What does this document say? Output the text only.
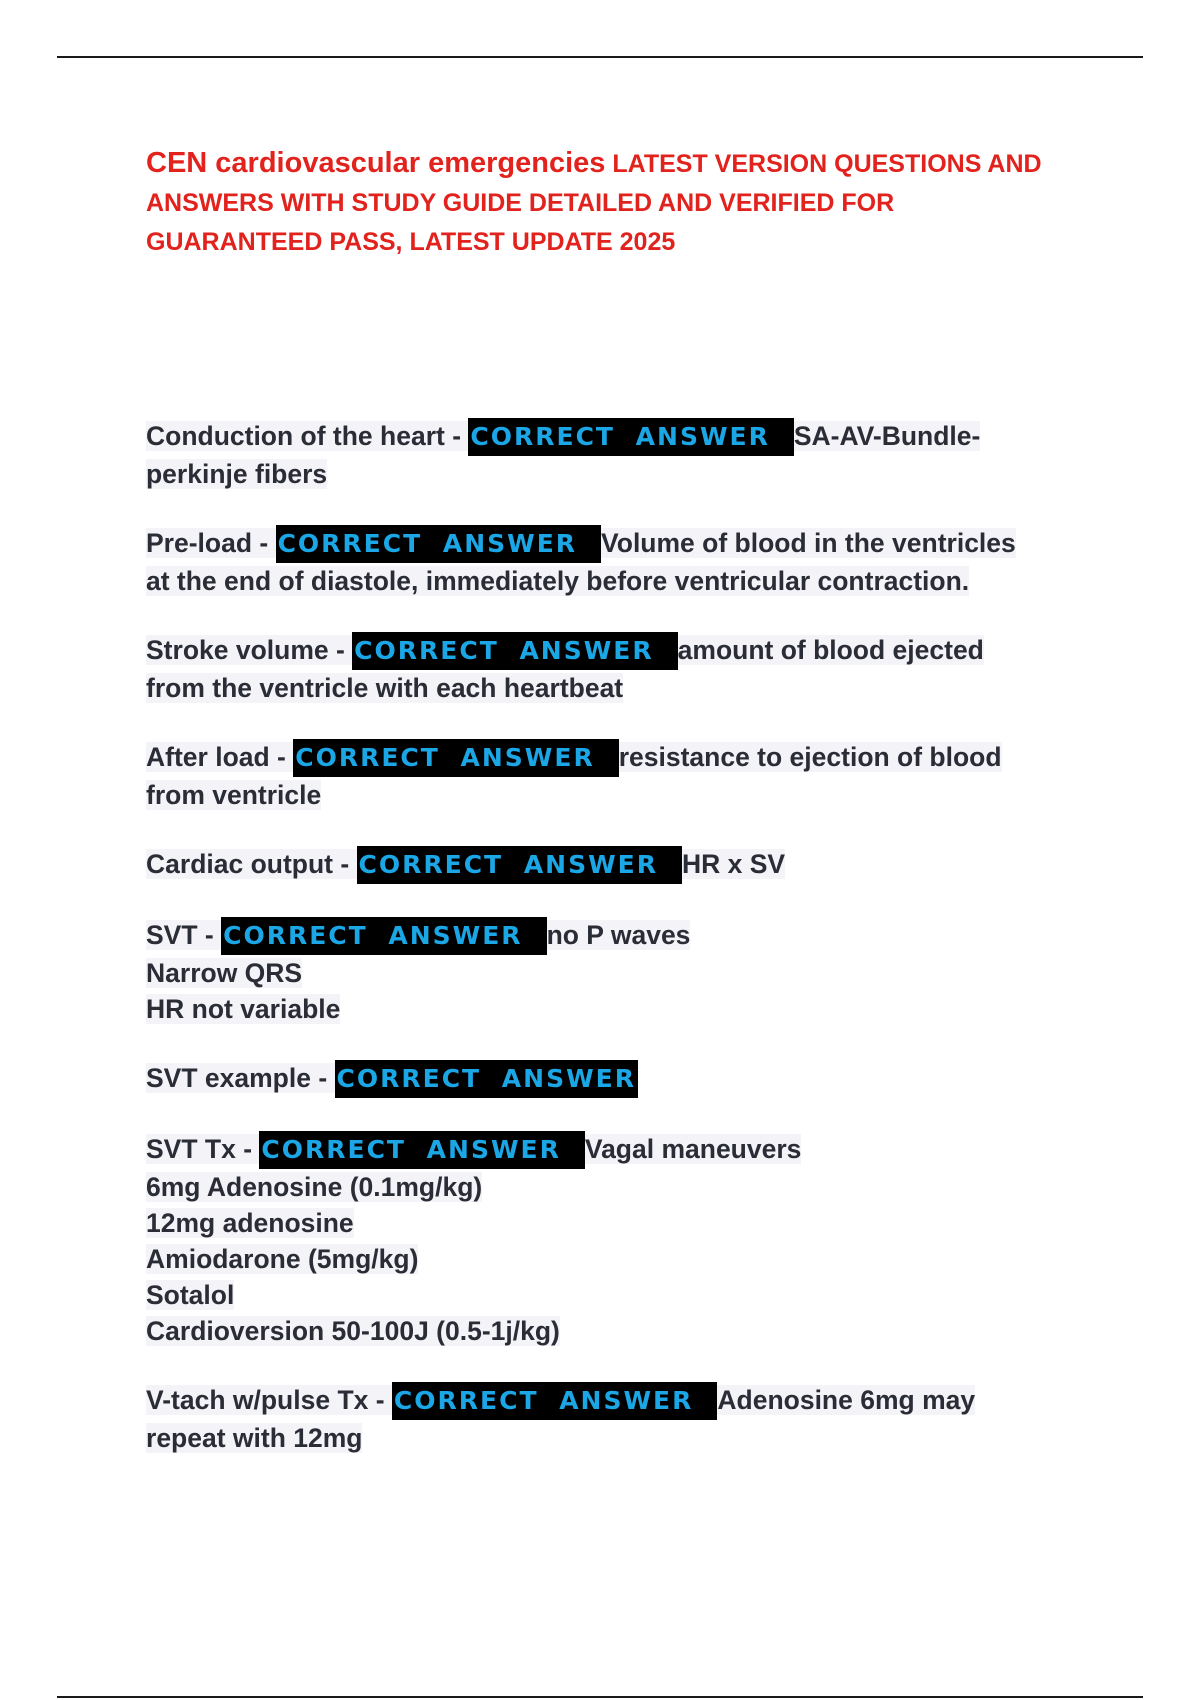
CEN cardiovascular emergencies LATEST VERSION QUESTIONS AND ANSWERS WITH STUDY GUIDE DETAILED AND VERIFIED FOR GUARANTEED PASS, LATEST UPDATE 2025
Conduction of the heart - CORRECT ANSWER SA-AV-Bundle-
perkinje fibers
Pre-load - CORRECT ANSWER Volume of blood in the ventricles
at the end of diastole, immediately before ventricular contraction.
Stroke volume - CORRECT ANSWER amount of blood ejected
from the ventricle with each heartbeat
After load - CORRECT ANSWER resistance to ejection of blood
from ventricle
Cardiac output - CORRECT ANSWER HR x SV
SVT - CORRECT ANSWER no P waves
Narrow QRS
HR not variable
SVT example - CORRECT ANSWER
SVT Tx - CORRECT ANSWER Vagal maneuvers
6mg Adenosine (0.1mg/kg)
12mg adenosine
Amiodarone (5mg/kg)
Sotalol
Cardioversion 50-100J (0.5-1j/kg)
V-tach w/pulse Tx - CORRECT ANSWER Adenosine 6mg may
repeat with 12mg
